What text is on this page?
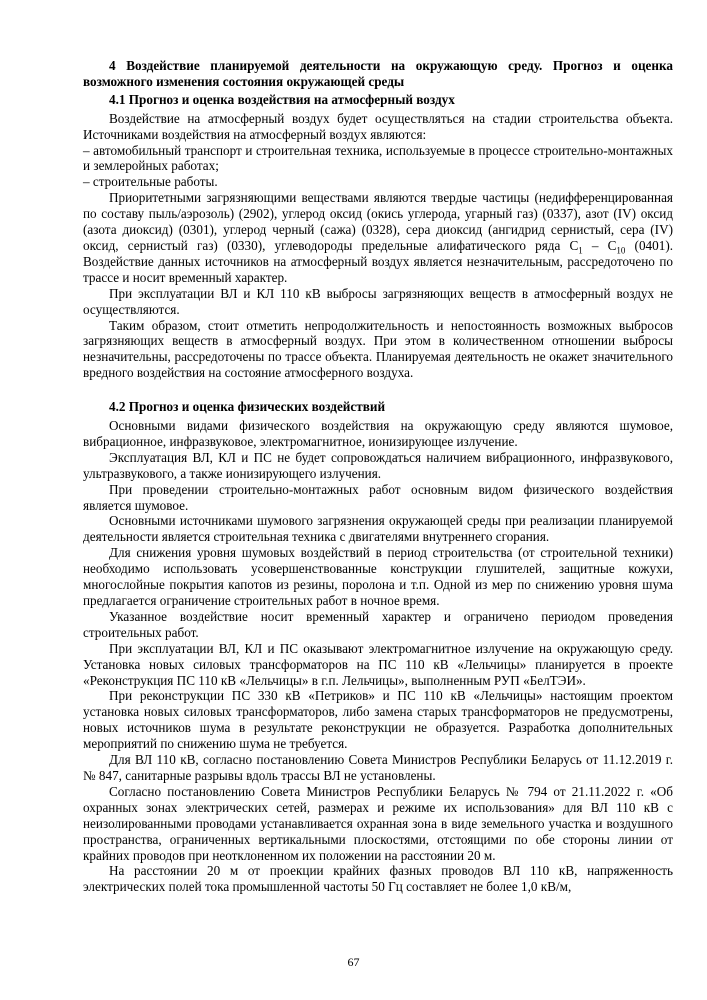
4 Воздействие планируемой деятельности на окружающую среду. Прогноз и оценка возможного изменения состояния окружающей среды

4.1 Прогноз и оценка воздействия на атмосферный воздух

Воздействие на атмосферный воздух будет осуществляться на стадии строительства объекта. Источниками воздействия на атмосферный воздух являются:

– автомобильный транспорт и строительная техника, используемые в процессе строительно-монтажных и землеройных работах;

– строительные работы.

Приоритетными загрязняющими веществами являются твердые частицы (недифференцированная по составу пыль/аэрозоль) (2902), углерод оксид (окись углерода, угарный газ) (0337), азот (IV) оксид (азота диоксид) (0301), углерод черный (сажа) (0328), сера диоксид (ангидрид сернистый, сера (IV) оксид, сернистый газ) (0330), углеводороды предельные алифатического ряда $C_1 - C_{10}$ (0401). Воздействие данных источников на атмосферный воздух является незначительным, рассредоточено по трассе и носит временный характер.

При эксплуатации ВЛ и КЛ 110 кВ выбросы загрязняющих веществ в атмосферный воздух не осуществляются.

Таким образом, стоит отметить непродолжительность и непостоянность возможных выбросов загрязняющих веществ в атмосферный воздух. При этом в количественном отношении выбросы незначительны, рассредоточены по трассе объекта. Планируемая деятельность не окажет значительного вредного воздействия на состояние атмосферного воздуха.

4.2 Прогноз и оценка физических воздействий

Основными видами физического воздействия на окружающую среду являются шумовое, вибрационное, инфразвуковое, электромагнитное, ионизирующее излучение.

Эксплуатация ВЛ, КЛ и ПС не будет сопровождаться наличием вибрационного, инфразвукового, ультразвукового, а также ионизирующего излучения.

При проведении строительно-монтажных работ основным видом физического воздействия является шумовое.

Основными источниками шумового загрязнения окружающей среды при реализации планируемой деятельности является строительная техника с двигателями внутреннего сгорания.

Для снижения уровня шумовых воздействий в период строительства (от строительной техники) необходимо использовать усовершенствованные конструкции глушителей, защитные кожухи, многослойные покрытия капотов из резины, поролона и т.п. Одной из мер по снижению уровня шума предлагается ограничение строительных работ в ночное время.

Указанное воздействие носит временный характер и ограничено периодом проведения строительных работ.

При эксплуатации ВЛ, КЛ и ПС оказывают электромагнитное излучение на окружающую среду. Установка новых силовых трансформаторов на ПС 110 кВ «Лельчицы» планируется в проекте «Реконструкция ПС 110 кВ «Лельчицы» в г.п. Лельчицы», выполненным РУП «БелТЭИ».

При реконструкции ПС 330 кВ «Петриков» и ПС 110 кВ «Лельчицы» настоящим проектом установка новых силовых трансформаторов, либо замена старых трансформаторов не предусмотрены, новых источников шума в результате реконструкции не образуется. Разработка дополнительных мероприятий по снижению шума не требуется.

Для ВЛ 110 кВ, согласно постановлению Совета Министров Республики Беларусь от 11.12.2019 г. № 847, санитарные разрывы вдоль трассы ВЛ не установлены.

Согласно постановлению Совета Министров Республики Беларусь № 794 от 21.11.2022 г. «Об охранных зонах электрических сетей, размерах и режиме их использования» для ВЛ 110 кВ с неизолированными проводами устанавливается охранная зона в виде земельного участка и воздушного пространства, ограниченных вертикальными плоскостями, отстоящими по обе стороны линии от крайних проводов при неотклоненном их положении на расстоянии 20 м.

На расстоянии 20 м от проекции крайних фазных проводов ВЛ 110 кВ, напряженность электрических полей тока промышленной частоты 50 Гц составляет не более 1,0 кВ/м,

67
